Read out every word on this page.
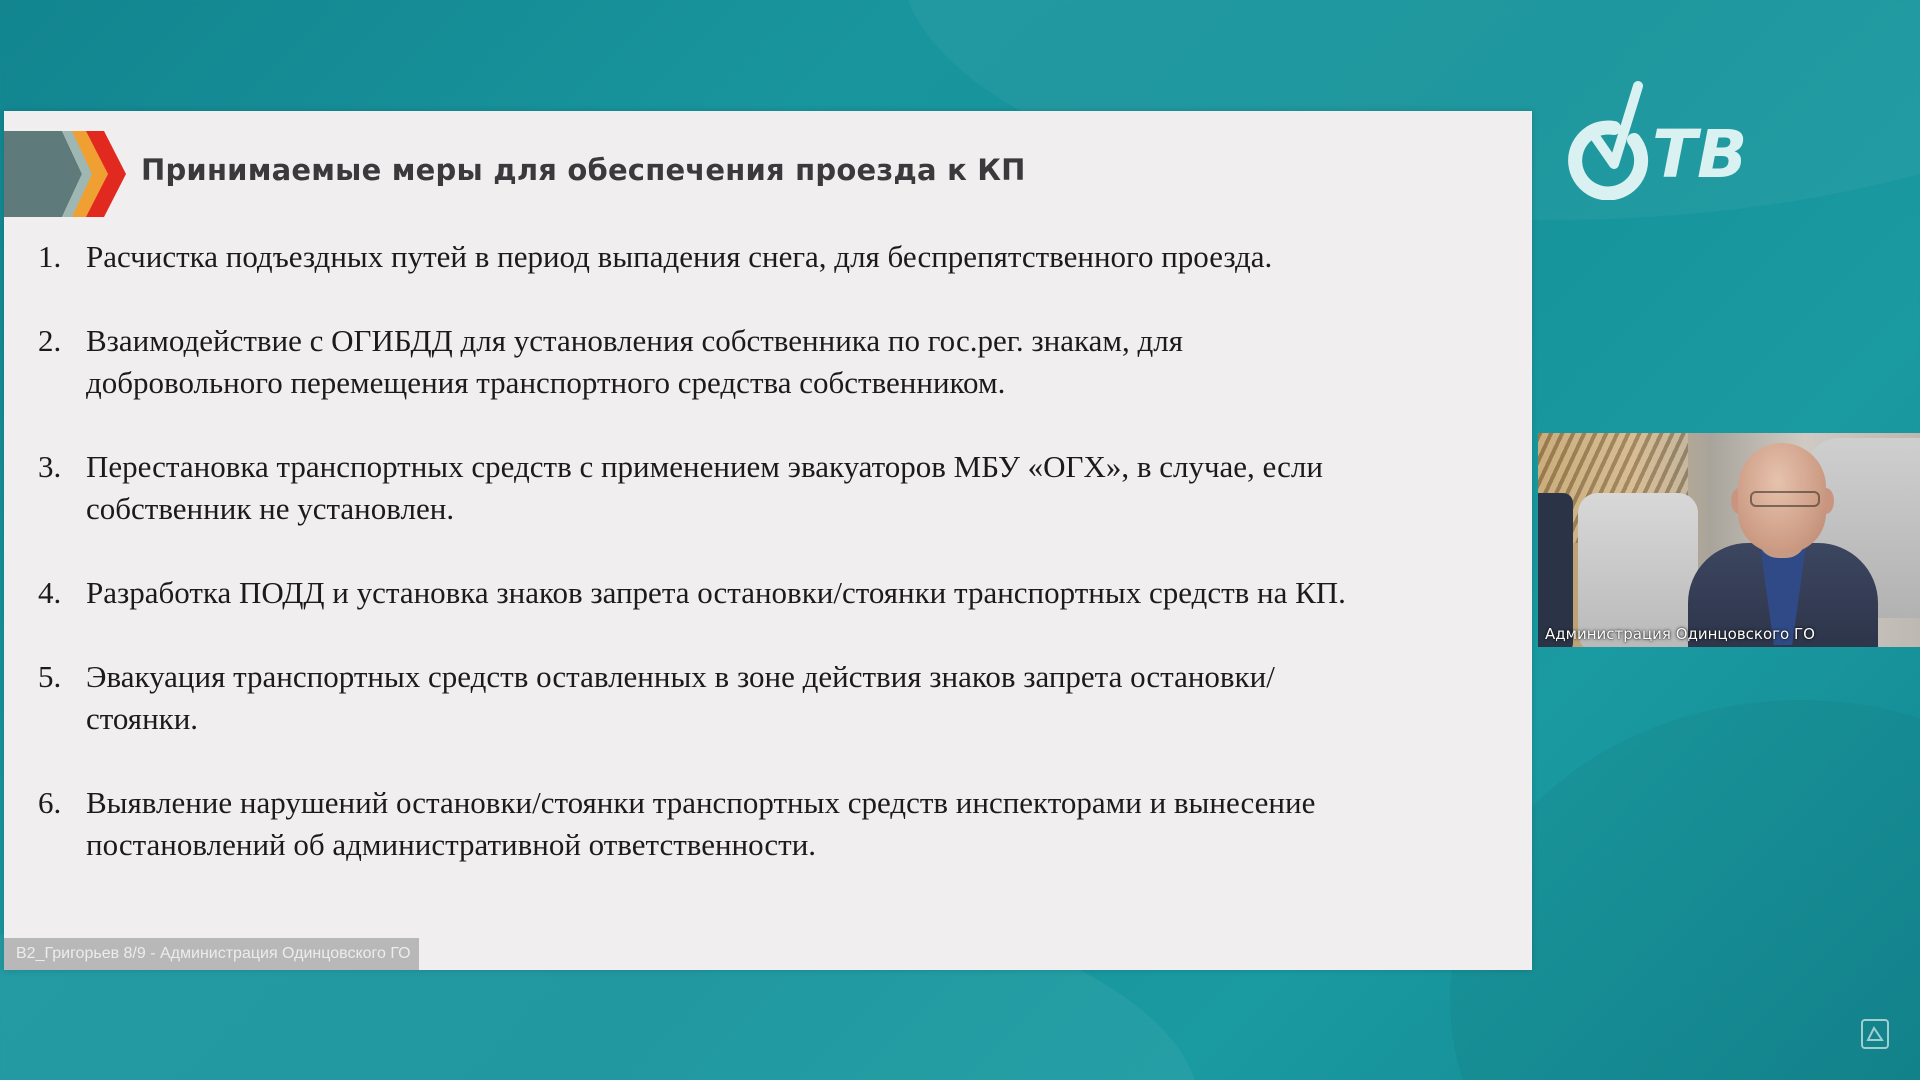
Принимаемые меры для обеспечения проезда к КП
1. Расчистка подъездных путей в период выпадения снега, для беспрепятственного проезда.
2. Взаимодействие с ОГИБДД для установления собственника по гос.рег. знакам, для добровольного перемещения транспортного средства собственником.
3. Перестановка транспортных средств с применением эвакуаторов МБУ «ОГХ», в случае, если собственник не установлен.
4. Разработка ПОДД и установка знаков запрета остановки/стоянки транспортных средств на КП.
5. Эвакуация транспортных средств оставленных в зоне действия знаков запрета остановки/стоянки.
6. Выявление нарушений остановки/стоянки транспортных средств инспекторами и вынесение постановлений об административной ответственности.
В2_Григорьев 8/9 - Администрация Одинцовского ГО
ТВ
Администрация Одинцовского ГО
